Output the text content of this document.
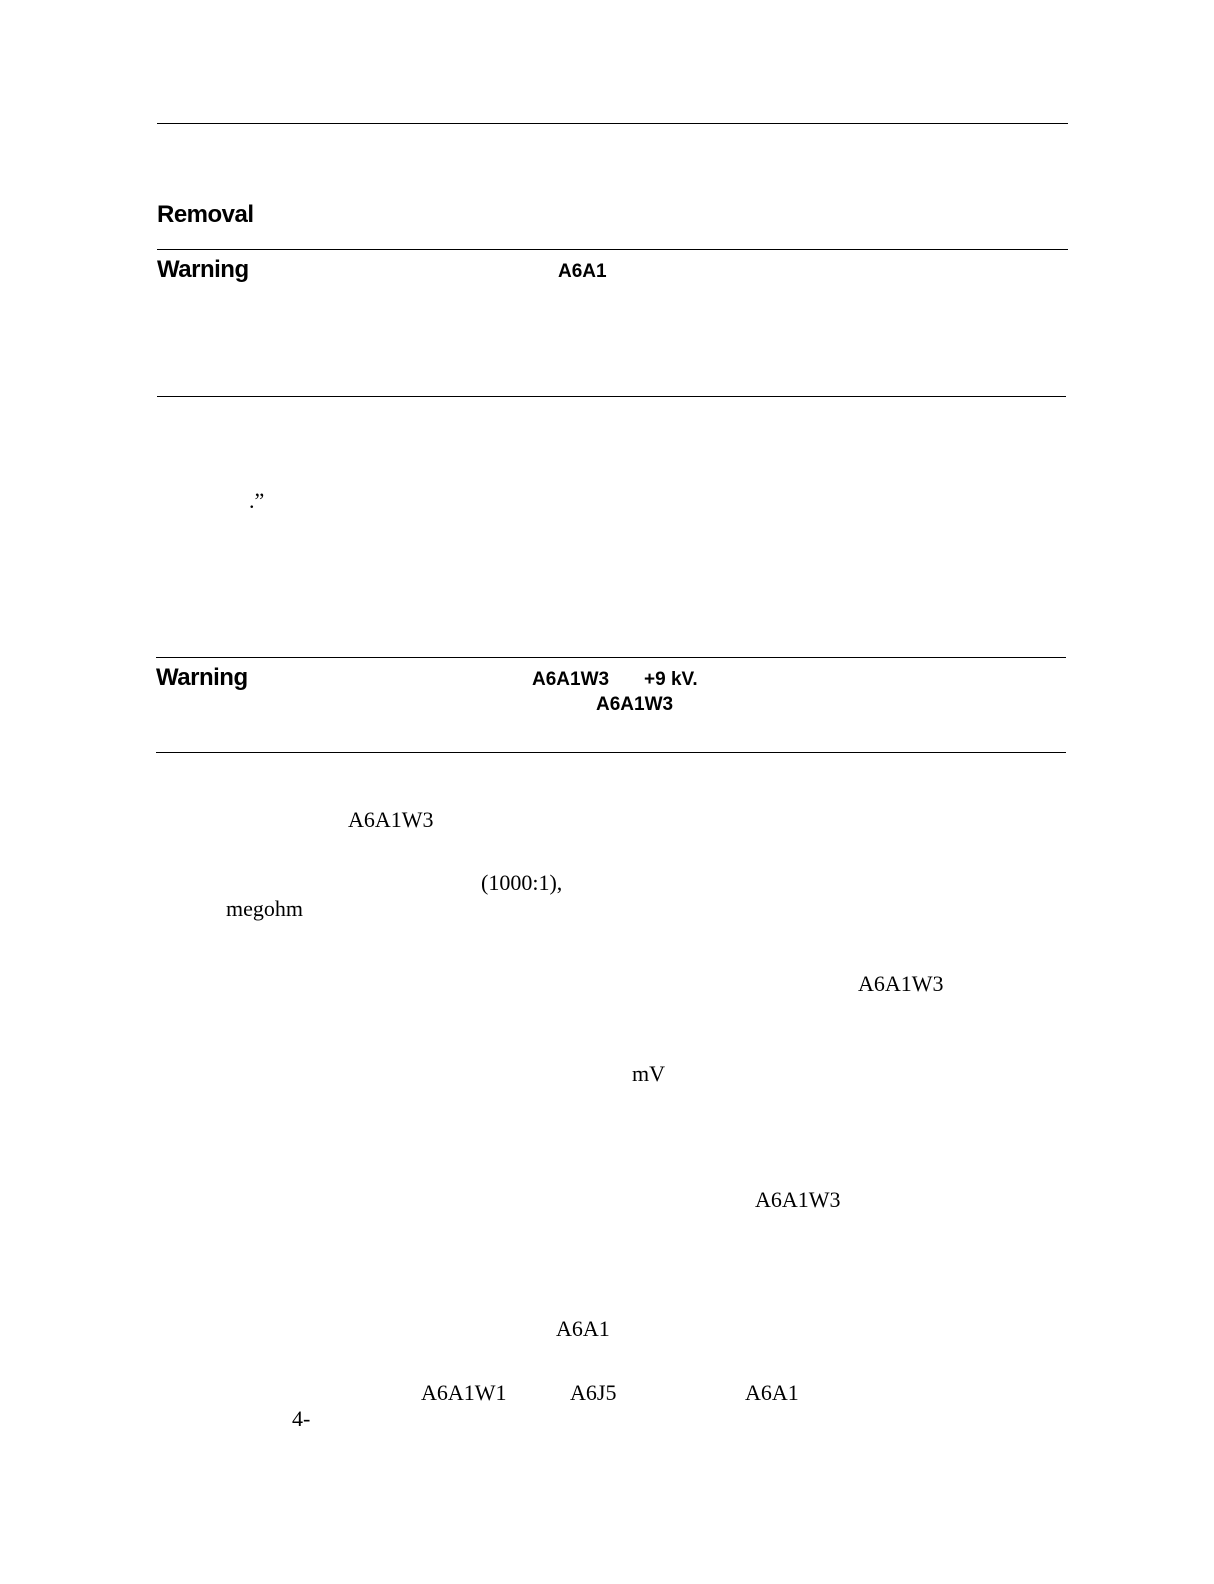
Removal
Warning	A6A1
.”
Warning	A6A1W3 +9 kV.
A6A1W3
A6A1W3
(1000:1),
megohm
A6A1W3
mV
A6A1W3
A6A1
A6A1W1	A6J5	A6A1
4-
